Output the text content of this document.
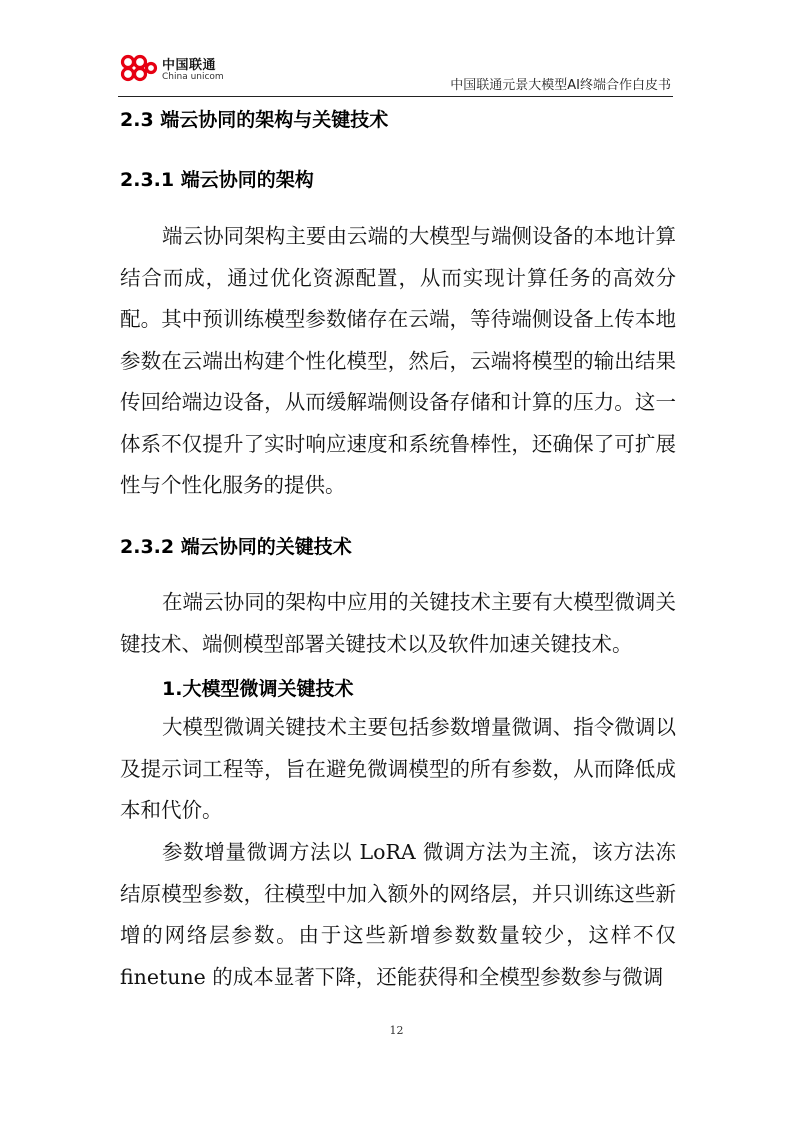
中国联通
China unicom
中国联通元景大模型AI终端合作白皮书
2.3 端云协同的架构与关键技术
2.3.1 端云协同的架构

端云协同架构主要由云端的大模型与端侧设备的本地计算结合而成，通过优化资源配置，从而实现计算任务的高效分配。其中预训练模型参数储存在云端，等待端侧设备上传本地参数在云端出构建个性化模型，然后，云端将模型的输出结果传回给端边设备，从而缓解端侧设备存储和计算的压力。这一体系不仅提升了实时响应速度和系统鲁棒性，还确保了可扩展性与个性化服务的提供。

2.3.2 端云协同的关键技术

在端云协同的架构中应用的关键技术主要有大模型微调关键技术、端侧模型部署关键技术以及软件加速关键技术。

1.大模型微调关键技术

大模型微调关键技术主要包括参数增量微调、指令微调以及提示词工程等，旨在避免微调模型的所有参数，从而降低成本和代价。

参数增量微调方法以 LoRA 微调方法为主流，该方法冻结原模型参数，往模型中加入额外的网络层，并只训练这些新增的网络层参数。由于这些新增参数数量较少，这样不仅 finetune 的成本显著下降，还能获得和全模型参数参与微调

12
